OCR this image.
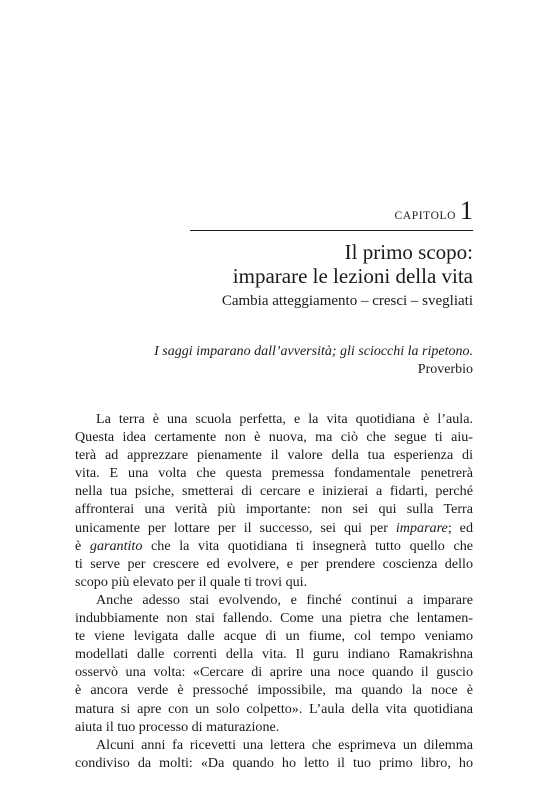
CAPITOLO 1
Il primo scopo:
imparare le lezioni della vita
Cambia atteggiamento – cresci – svegliati
I saggi imparano dall’avversità; gli sciocchi la ripetono.
Proverbio
La terra è una scuola perfetta, e la vita quotidiana è l’aula.
Questa idea certamente non è nuova, ma ciò che segue ti aiu-
terà ad apprezzare pienamente il valore della tua esperienza di
vita. E una volta che questa premessa fondamentale penetrerà
nella tua psiche, smetterai di cercare e inizierai a fidarti, perché
affronterai una verità più importante: non sei qui sulla Terra
unicamente per lottare per il successo, sei qui per imparare; ed
è garantito che la vita quotidiana ti insegnerà tutto quello che
ti serve per crescere ed evolvere, e per prendere coscienza dello
scopo più elevato per il quale ti trovi qui.
Anche adesso stai evolvendo, e finché continui a imparare
indubbiamente non stai fallendo. Come una pietra che lentamen-
te viene levigata dalle acque di un fiume, col tempo veniamo
modellati dalle correnti della vita. Il guru indiano Ramakrishna
osservò una volta: «Cercare di aprire una noce quando il guscio
è ancora verde è pressoché impossibile, ma quando la noce è
matura si apre con un solo colpetto». L’aula della vita quotidiana
aiuta il tuo processo di maturazione.
Alcuni anni fa ricevetti una lettera che esprimeva un dilemma
condiviso da molti: «Da quando ho letto il tuo primo libro, ho
